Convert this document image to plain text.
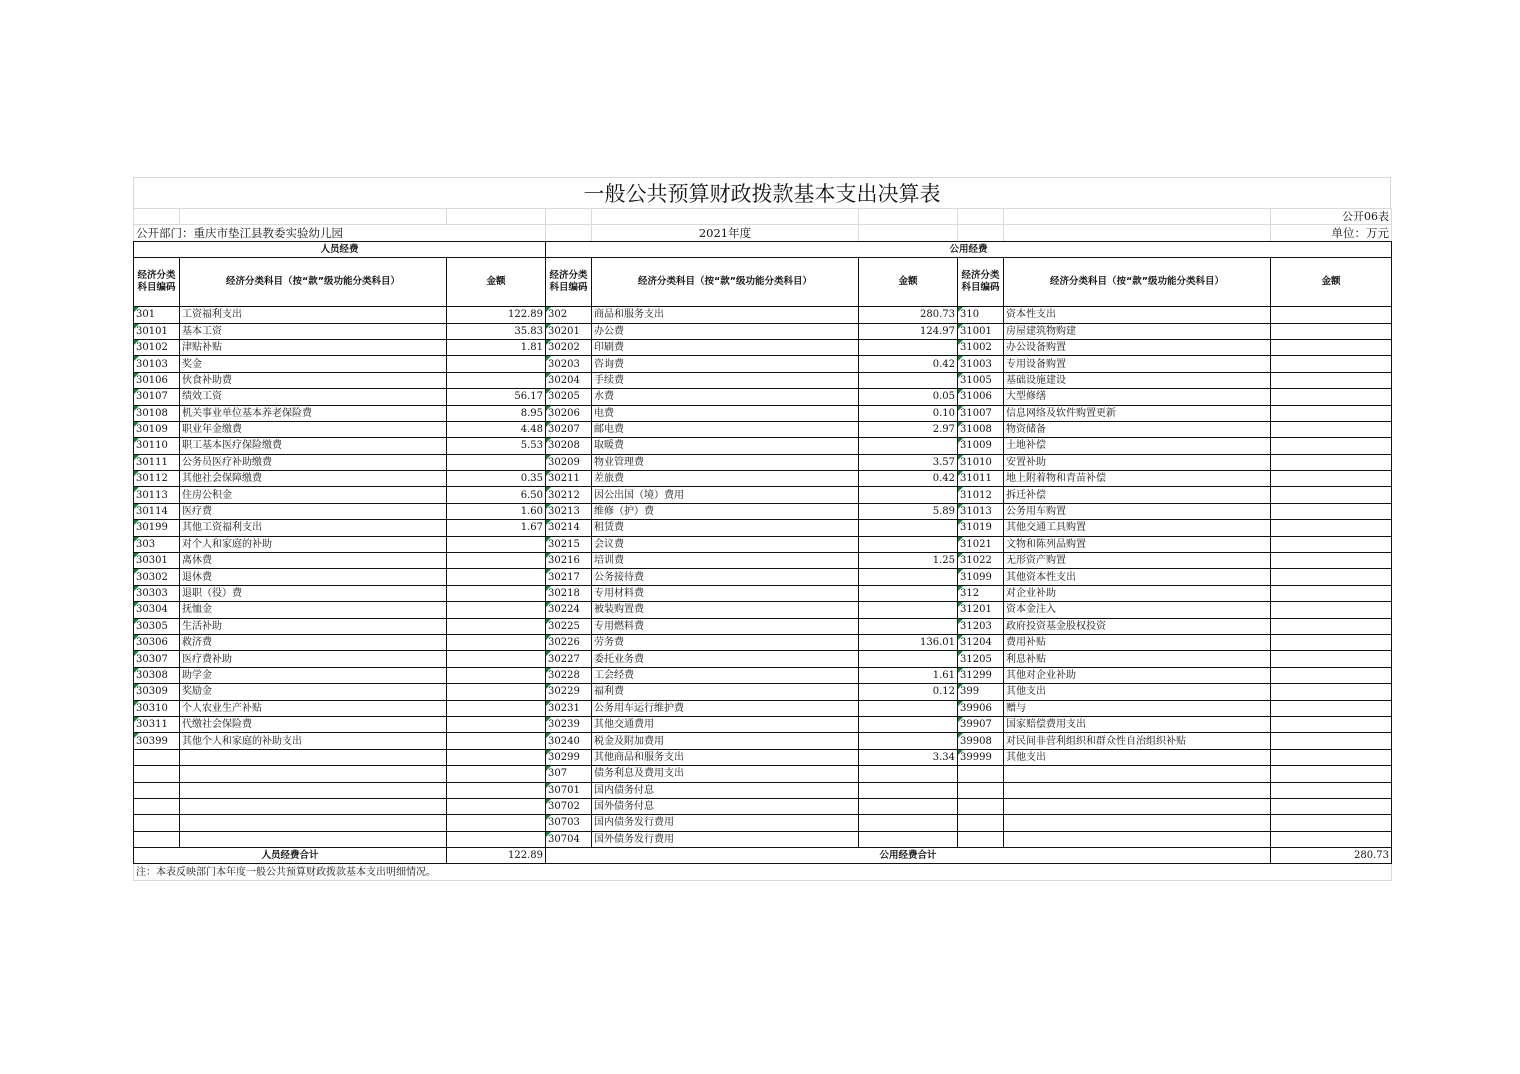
一般公共预算财政拨款基本支出决算表
								公开06表
公开部门：重庆市垫江县教委实验幼儿园				2021年度				单位：万元
人员经费			公用经费					
经济分类科目编码	经济分类科目（按“款”级功能分类科目）	金额	经济分类科目编码	经济分类科目（按“款”级功能分类科目）	金额	经济分类科目编码	经济分类科目（按“款”级功能分类科目）	金额
301	工资福利支出	122.89	302	商品和服务支出	280.73	310	资本性支出	
30101	基本工资	35.83	30201	办公费	124.97	31001	房屋建筑物购建	
30102	津贴补贴	1.81	30202	印刷费		31002	办公设备购置	
30103	奖金		30203	咨询费	0.42	31003	专用设备购置	
30106	伙食补助费		30204	手续费		31005	基础设施建设	
30107	绩效工资	56.17	30205	水费	0.05	31006	大型修缮	
30108	机关事业单位基本养老保险费	8.95	30206	电费	0.10	31007	信息网络及软件购置更新	
30109	职业年金缴费	4.48	30207	邮电费	2.97	31008	物资储备	
30110	职工基本医疗保险缴费	5.53	30208	取暖费		31009	土地补偿	
30111	公务员医疗补助缴费		30209	物业管理费	3.57	31010	安置补助	
30112	其他社会保障缴费	0.35	30211	差旅费	0.42	31011	地上附着物和青苗补偿	
30113	住房公积金	6.50	30212	因公出国（境）费用		31012	拆迁补偿	
30114	医疗费	1.60	30213	维修（护）费	5.89	31013	公务用车购置	
30199	其他工资福利支出	1.67	30214	租赁费		31019	其他交通工具购置	
303	对个人和家庭的补助		30215	会议费		31021	文物和陈列品购置	
30301	离休费		30216	培训费	1.25	31022	无形资产购置	
30302	退休费		30217	公务接待费		31099	其他资本性支出	
30303	退职（役）费		30218	专用材料费		312	对企业补助	
30304	抚恤金		30224	被装购置费		31201	资本金注入	
30305	生活补助		30225	专用燃料费		31203	政府投资基金股权投资	
30306	救济费		30226	劳务费	136.01	31204	费用补贴	
30307	医疗费补助		30227	委托业务费		31205	利息补贴	
30308	助学金		30228	工会经费	1.61	31299	其他对企业补助	
30309	奖励金		30229	福利费	0.12	399	其他支出	
30310	个人农业生产补贴		30231	公务用车运行维护费		39906	赠与	
30311	代缴社会保险费		30239	其他交通费用		39907	国家赔偿费用支出	
30399	其他个人和家庭的补助支出		30240	税金及附加费用		39908	对民间非营利组织和群众性自治组织补贴	
			30299	其他商品和服务支出	3.34	39999	其他支出	
			307	债务利息及费用支出				
			30701	国内债务付息				
			30702	国外债务付息				
			30703	国内债务发行费用				
			30704	国外债务发行费用				
人员经费合计		122.89	公用经费合计					280.73
注：本表反映部门本年度一般公共预算财政拨款基本支出明细情况。								
